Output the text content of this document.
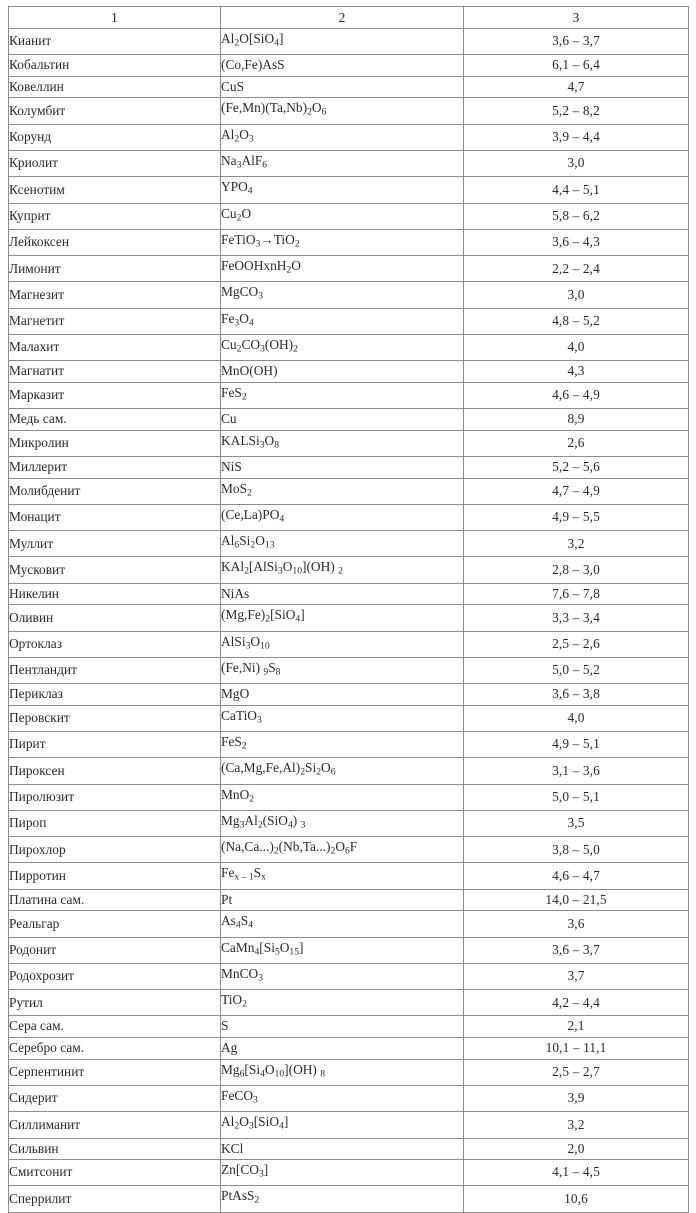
1	2	3
Кианит	$Al_2O[SiO_4]$	3,6 – 3,7
Кобальтин	(Co,Fe)AsS	6,1 – 6,4
Ковеллин	CuS	4,7
Колумбит	$(Fe,Mn)(Ta,Nb)_2O_6$	5,2 – 8,2
Корунд	$Al_2O_3$	3,9 – 4,4
Криолит	$Na_3AlF_6$	3,0
Ксенотим	$YPO_4$	4,4 – 5,1
Куприт	$Cu_2O$	5,8 – 6,2
Лейкоксен	FeTiO$_3$→TiO$_2$	3,6 – 4,3
Лимонит	FeOOHxnH$_2$O	2,2 – 2,4
Магнезит	MgCO$_3$	3,0
Магнетит	$Fe_3O_4$	4,8 – 5,2
Малахит	$Cu_2CO_3(OH)_2$	4,0
Магнатит	MnO(OH)	4,3
Марказит	FeS$_2$	4,6 – 4,9
Медь сам.	Cu	8,9
Микролин	$KALSi_3O_8$	2,6
Миллерит	NiS	5,2 – 5,6
Молибденит	MoS$_2$	4,7 – 4,9
Монацит	$(Ce,La)PO_4$	4,9 – 5,5
Муллит	$Al_6Si_2O_{13}$	3,2
Мусковит	$KAl_2[AlSi_3O_{10}](OH)$ $_2$	2,8 – 3,0
Никелин	NiAs	7,6 – 7,8
Оливин	$(Mg,Fe)_2[SiO_4]$	3,3 – 3,4
Ортоклаз	$AlSi_3O_{10}$	2,5 – 2,6
Пентландит	(Fe,Ni) $_9S_8$	5,0 – 5,2
Периклаз	MgO	3,6 – 3,8
Перовскит	CaTiO$_3$	4,0
Пирит	FeS$_2$	4,9 – 5,1
Пироксен	$(Ca,Mg,Fe,Al)_2Si_2O_6$	3,1 – 3,6
Пиролюзит	MnO$_2$	5,0 – 5,1
Пироп	$Mg_3Al_2(SiO_4)$ $_3$	3,5
Пирохлор	$(Na,Ca...)_2(Nb,Ta...)_2O_6F$	3,8 – 5,0
Пирротин	$Fe_{x - 1}S_x$	4,6 – 4,7
Платина сам.	Pt	14,0 – 21,5
Реальгар	$As_4S_4$	3,6
Родонит	$CaMn_4[Si_5O_{15}]$	3,6 – 3,7
Родохрозит	MnCO$_3$	3,7
Рутил	TiO$_2$	4,2 – 4,4
Сера сам.	S	2,1
Серебро сам.	Ag	10,1 – 11,1
Серпентинит	$Mg_6[Si_4O_{10}](OH)$ $_8$	2,5 – 2,7
Сидерит	FeCO$_3$	3,9
Силлиманит	$Al_2O_3[SiO_4]$	3,2
Сильвин	KCl	2,0
Смитсонит	$Zn[CO_3]$	4,1 – 4,5
Сперрилит	PtAsS$_2$	10,6
